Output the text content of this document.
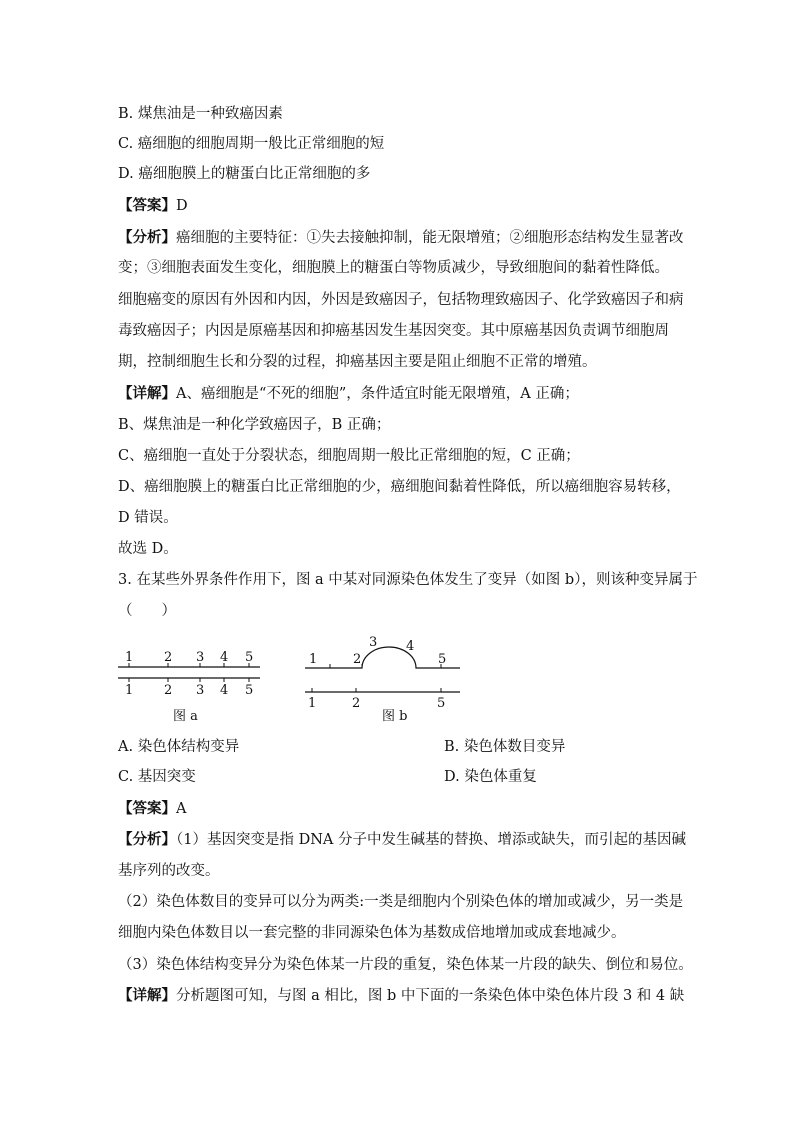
B. 煤焦油是一种致癌因素
C. 癌细胞的细胞周期一般比正常细胞的短
D. 癌细胞膜上的糖蛋白比正常细胞的多
【答案】D
【分析】癌细胞的主要特征：①失去接触抑制，能无限增殖；②细胞形态结构发生显著改
变；③细胞表面发生变化，细胞膜上的糖蛋白等物质减少，导致细胞间的黏着性降低。
细胞癌变的原因有外因和内因，外因是致癌因子，包括物理致癌因子、化学致癌因子和病
毒致癌因子；内因是原癌基因和抑癌基因发生基因突变。其中原癌基因负责调节细胞周
期，控制细胞生长和分裂的过程，抑癌基因主要是阻止细胞不正常的增殖。
【详解】A、癌细胞是“不死的细胞”，条件适宜时能无限增殖，A 正确；
B、煤焦油是一种化学致癌因子，B 正确；
C、癌细胞一直处于分裂状态，细胞周期一般比正常细胞的短，C 正确；
D、癌细胞膜上的糖蛋白比正常细胞的少，癌细胞间黏着性降低，所以癌细胞容易转移，
D 错误。
故选 D。
3. 在某些外界条件作用下，图 a 中某对同源染色体发生了变异（如图 b），则该种变异属于
（　　）
1 2 3 4 5
1 2 3 4 5
图 a
1	2
3 4
5
1	2	5
图 b
A. 染色体结构变异	B. 染色体数目变异
C. 基因突变	D. 染色体重复
【答案】A
【分析】（1）基因突变是指 DNA 分子中发生碱基的替换、增添或缺失，而引起的基因碱
基序列的改变。
（2）染色体数目的变异可以分为两类:一类是细胞内个别染色体的增加或减少，另一类是
细胞内染色体数目以一套完整的非同源染色体为基数成倍地增加或成套地减少。
（3）染色体结构变异分为染色体某一片段的重复，染色体某一片段的缺失、倒位和易位。
【详解】分析题图可知，与图 a 相比，图 b 中下面的一条染色体中染色体片段 3 和 4 缺
